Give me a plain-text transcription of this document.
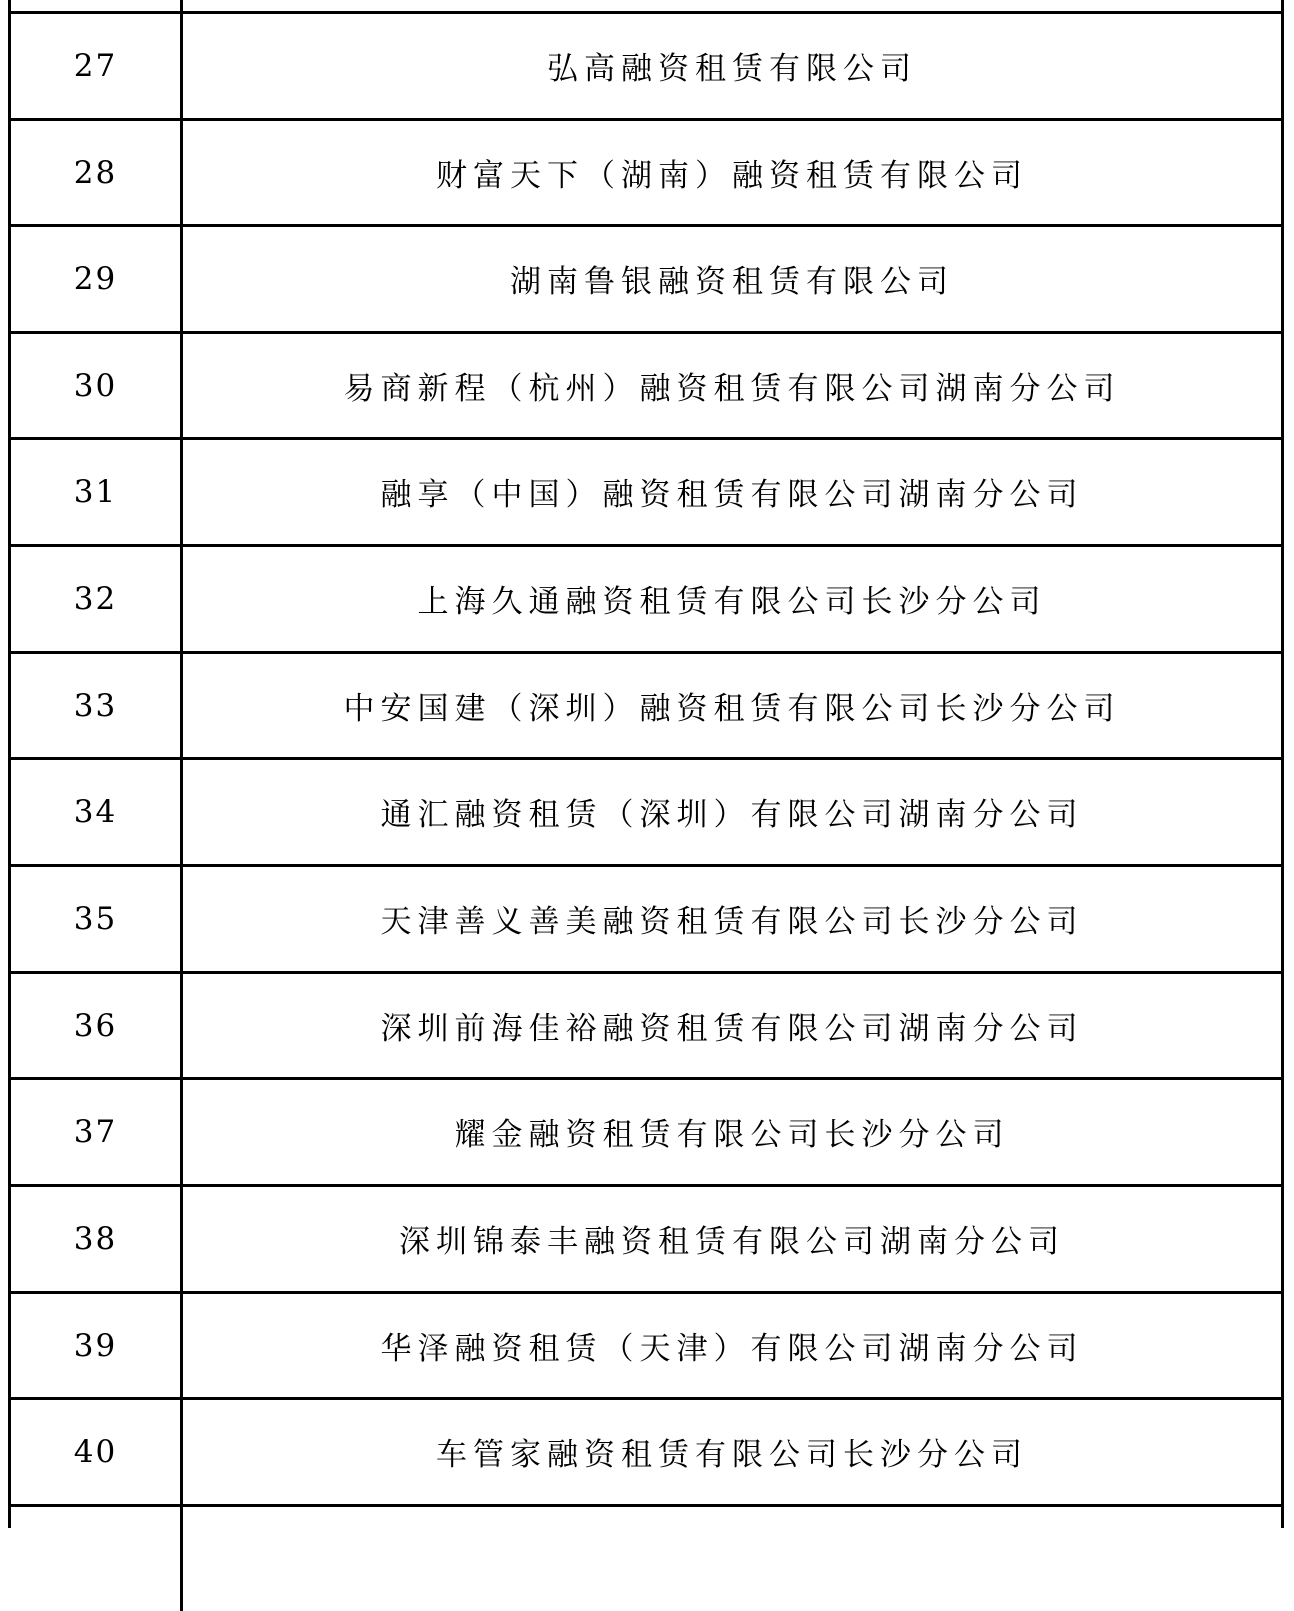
27	弘高融资租赁有限公司
28	财富天下（湖南）融资租赁有限公司
29	湖南鲁银融资租赁有限公司
30	易商新程（杭州）融资租赁有限公司湖南分公司
31	融享（中国）融资租赁有限公司湖南分公司
32	上海久通融资租赁有限公司长沙分公司
33	中安国建（深圳）融资租赁有限公司长沙分公司
34	通汇融资租赁（深圳）有限公司湖南分公司
35	天津善义善美融资租赁有限公司长沙分公司
36	深圳前海佳裕融资租赁有限公司湖南分公司
37	耀金融资租赁有限公司长沙分公司
38	深圳锦泰丰融资租赁有限公司湖南分公司
39	华泽融资租赁（天津）有限公司湖南分公司
40	车管家融资租赁有限公司长沙分公司
